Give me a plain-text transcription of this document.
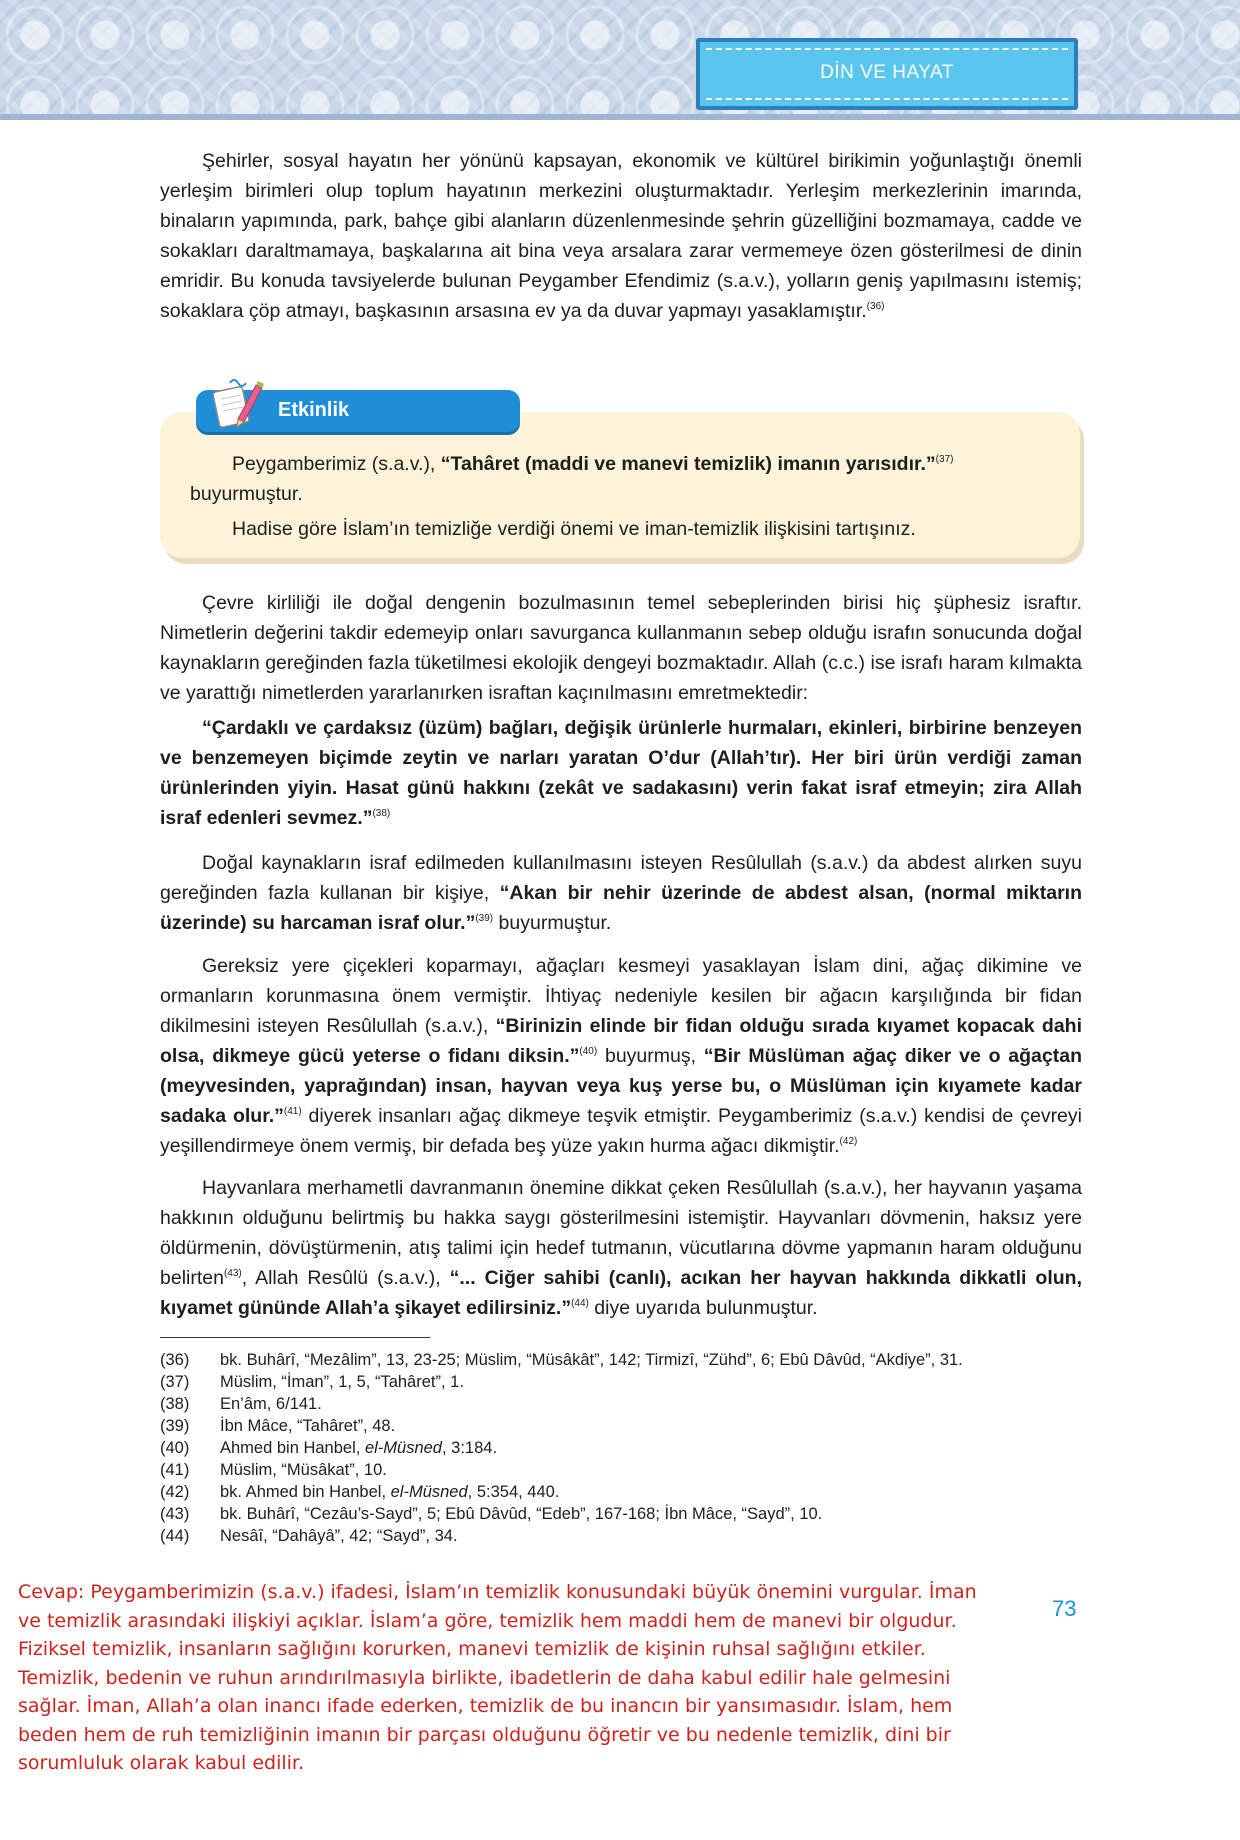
DİN VE HAYAT
Şehirler, sosyal hayatın her yönünü kapsayan, ekonomik ve kültürel birikimin yoğunlaştığı önemli yerleşim birimleri olup toplum hayatının merkezini oluşturmaktadır. Yerleşim merkezlerinin imarında, binaların yapımında, park, bahçe gibi alanların düzenlenmesinde şehrin güzelliğini bozmamaya, cadde ve sokakları daraltmamaya, başkalarına ait bina veya arsalara zarar vermemeye özen gösterilmesi de dinin emridir. Bu konuda tavsiyelerde bulunan Peygamber Efendimiz (s.a.v.), yolların geniş yapılmasını istemiş; sokaklara çöp atmayı, başkasının arsasına ev ya da duvar yapmayı yasaklamıştır.$^{(36)}$
Etkinlik
Peygamberimiz (s.a.v.), “Tahâret (maddi ve manevi temizlik) imanın yarısıdır.”$^{(37)}$ buyurmuştur.
Hadise göre İslam’ın temizliğe verdiği önemi ve iman-temizlik ilişkisini tartışınız.
Çevre kirliliği ile doğal dengenin bozulmasının temel sebeplerinden birisi hiç şüphesiz israftır. Nimetlerin değerini takdir edemeyip onları savurganca kullanmanın sebep olduğu israfın sonucunda doğal kaynakların gereğinden fazla tüketilmesi ekolojik dengeyi bozmaktadır. Allah (c.c.) ise israfı haram kılmakta ve yarattığı nimetlerden yararlanırken israftan kaçınılmasını emretmektedir:
“Çardaklı ve çardaksız (üzüm) bağları, değişik ürünlerle hurmaları, ekinleri, birbirine benzeyen ve benzemeyen biçimde zeytin ve narları yaratan O’dur (Allah’tır). Her biri ürün verdiği zaman ürünlerinden yiyin. Hasat günü hakkını (zekât ve sadakasını) verin fakat israf etmeyin; zira Allah israf edenleri sevmez.”$^{(38)}$
Doğal kaynakların israf edilmeden kullanılmasını isteyen Resûlullah (s.a.v.) da abdest alırken suyu gereğinden fazla kullanan bir kişiye, “Akan bir nehir üzerinde de abdest alsan, (normal miktarın üzerinde) su harcaman israf olur.”$^{(39)}$ buyurmuştur.
Gereksiz yere çiçekleri koparmayı, ağaçları kesmeyi yasaklayan İslam dini, ağaç dikimine ve ormanların korunmasına önem vermiştir. İhtiyaç nedeniyle kesilen bir ağacın karşılığında bir fidan dikilmesini isteyen Resûlullah (s.a.v.), “Birinizin elinde bir fidan olduğu sırada kıyamet kopacak dahi olsa, dikmeye gücü yeterse o fidanı diksin.”$^{(40)}$ buyurmuş, “Bir Müslüman ağaç diker ve o ağaçtan (meyvesinden, yaprağından) insan, hayvan veya kuş yerse bu, o Müslüman için kıyamete kadar sadaka olur.”$^{(41)}$ diyerek insanları ağaç dikmeye teşvik etmiştir. Peygamberimiz (s.a.v.) kendisi de çevreyi yeşillendirmeye önem vermiş, bir defada beş yüze yakın hurma ağacı dikmiştir.$^{(42)}$
Hayvanlara merhametli davranmanın önemine dikkat çeken Resûlullah (s.a.v.), her hayvanın yaşama hakkının olduğunu belirtmiş bu hakka saygı gösterilmesini istemiştir. Hayvanları dövmenin, haksız yere öldürmenin, dövüştürmenin, atış talimi için hedef tutmanın, vücutlarına dövme yapmanın haram olduğunu belirten$^{(43)}$, Allah Resûlü (s.a.v.), “... Ciğer sahibi (canlı), acıkan her hayvan hakkında dikkatli olun, kıyamet gününde Allah’a şikayet edilirsiniz.”$^{(44)}$ diye uyarıda bulunmuştur.
(36) bk. Buhârî, “Mezâlim”, 13, 23-25; Müslim, “Müsâkât”, 142; Tirmizî, “Zühd”, 6; Ebû Dâvûd, “Akdiye”, 31.
(37) Müslim, “İman”, 1, 5, “Tahâret”, 1.
(38) En’âm, 6/141.
(39) İbn Mâce, “Tahâret”, 48.
(40) Ahmed bin Hanbel, el-Müsned, 3:184.
(41) Müslim, “Müsâkat”, 10.
(42) bk. Ahmed bin Hanbel, el-Müsned, 5:354, 440.
(43) bk. Buhârî, “Cezâu’s-Sayd”, 5; Ebû Dâvûd, “Edeb”, 167-168; İbn Mâce, “Sayd”, 10.
(44) Nesâî, “Dahâyâ”, 42; “Sayd”, 34.
73
Cevap: Peygamberimizin (s.a.v.) ifadesi, İslam’ın temizlik konusundaki büyük önemini vurgular. İman ve temizlik arasındaki ilişkiyi açıklar. İslam’a göre, temizlik hem maddi hem de manevi bir olgudur. Fiziksel temizlik, insanların sağlığını korurken, manevi temizlik de kişinin ruhsal sağlığını etkiler. Temizlik, bedenin ve ruhun arındırılmasıyla birlikte, ibadetlerin de daha kabul edilir hale gelmesini sağlar. İman, Allah’a olan inancı ifade ederken, temizlik de bu inancın bir yansımasıdır. İslam, hem beden hem de ruh temizliğinin imanın bir parçası olduğunu öğretir ve bu nedenle temizlik, dini bir sorumluluk olarak kabul edilir.
